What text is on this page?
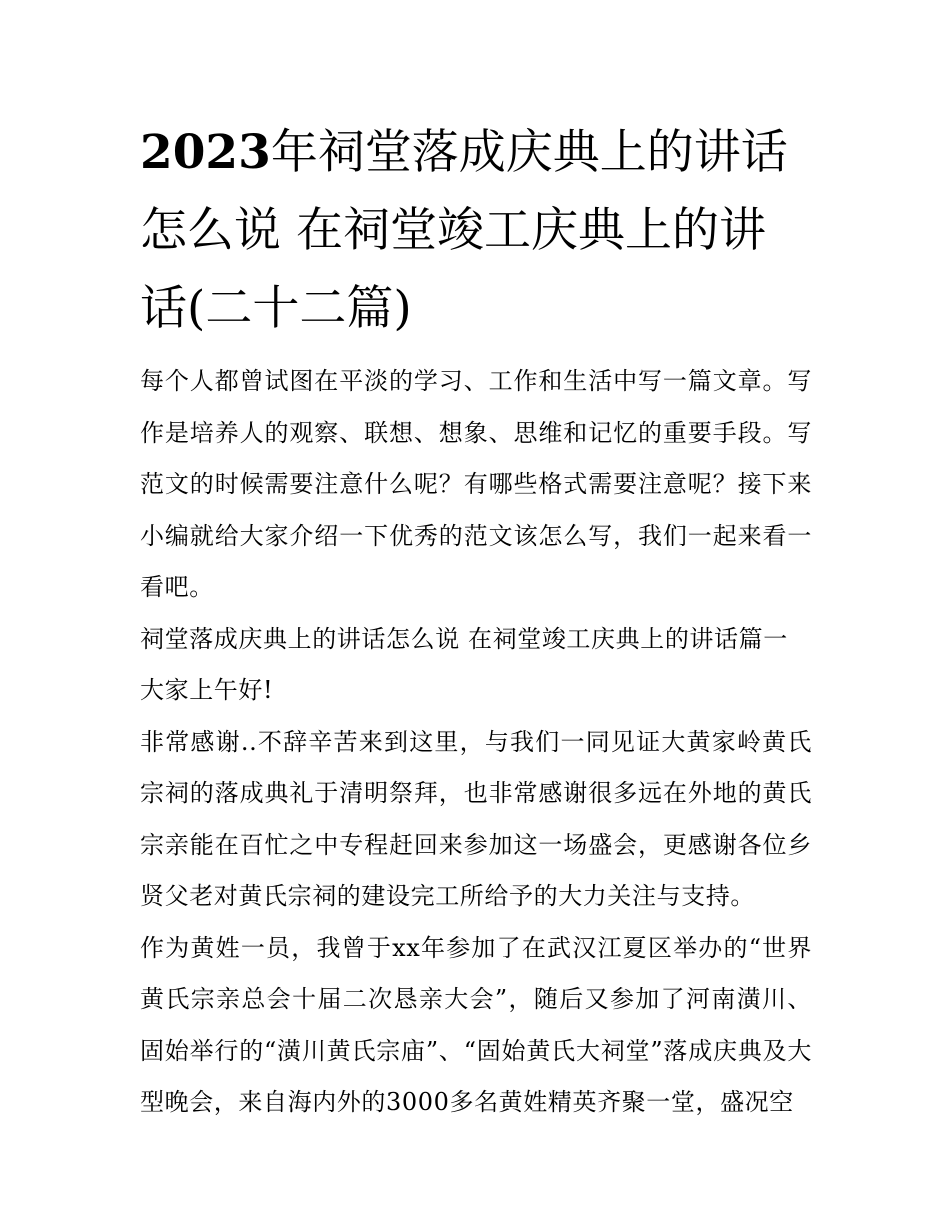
2023年祠堂落成庆典上的讲话怎么说 在祠堂竣工庆典上的讲话(二十二篇)

每个人都曾试图在平淡的学习、工作和生活中写一篇文章。写作是培养人的观察、联想、想象、思维和记忆的重要手段。写范文的时候需要注意什么呢？有哪些格式需要注意呢？接下来小编就给大家介绍一下优秀的范文该怎么写，我们一起来看一看吧。

祠堂落成庆典上的讲话怎么说 在祠堂竣工庆典上的讲话篇一

大家上午好!

非常感谢..不辞辛苦来到这里，与我们一同见证大黄家岭黄氏宗祠的落成典礼于清明祭拜，也非常感谢很多远在外地的黄氏宗亲能在百忙之中专程赶回来参加这一场盛会，更感谢各位乡贤父老对黄氏宗祠的建设完工所给予的大力关注与支持。

作为黄姓一员，我曾于xx年参加了在武汉江夏区举办的“世界黄氏宗亲总会十届二次恳亲大会”，随后又参加了河南潢川、固始举行的“潢川黄氏宗庙”、“固始黄氏大祠堂”落成庆典及大型晚会，来自海内外的3000多名黄姓精英齐聚一堂，盛况空
